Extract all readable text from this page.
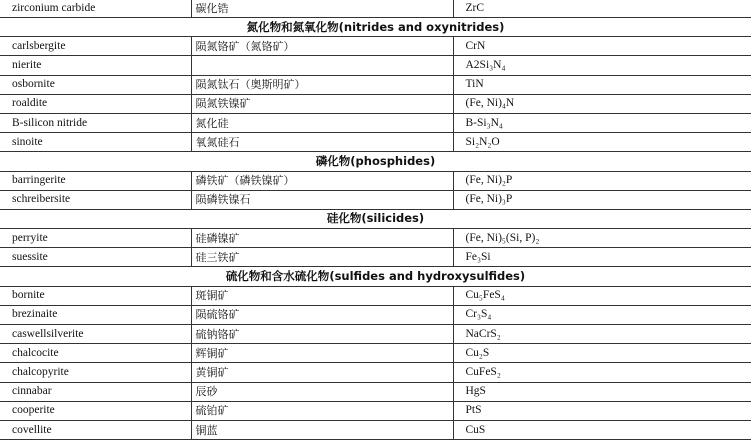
zirconium carbide	碳化锆	ZrC
氮化物和氮氧化物(nitrides and oxynitrides)		
carlsbergite	陨氮铬矿（氮铬矿）	CrN
nierite		A2Si₃N₄
osbornite	陨氮钛石（奥斯明矿）	TiN
roaldite	陨氮铁镍矿	(Fe, Ni)₄N
B-silicon nitride	氮化硅	B-Si₃N₄
sinoite	氧氮硅石	Si₂N₂O
磷化物(phosphides)		
barringerite	磷铁矿（磷铁镍矿）	(Fe, Ni)₂P
schreibersite	陨磷铁镍石	(Fe, Ni)₃P
硅化物(silicides)		
perryite	硅磷镍矿	(Fe, Ni)₅(Si, P)₂
suessite	硅三铁矿	Fe₃Si
硫化物和含水硫化物(sulfides and hydroxysulfides)		
bornite	斑铜矿	Cu₅FeS₄
brezinaite	陨硫铬矿	Cr₃S₄
caswellsilverite	硫钠铬矿	NaCrS₂
chalcocite	辉铜矿	Cu₂S
chalcopyrite	黄铜矿	CuFeS₂
cinnabar	辰砂	HgS
cooperite	硫铂矿	PtS
covellite	铜蓝	CuS
